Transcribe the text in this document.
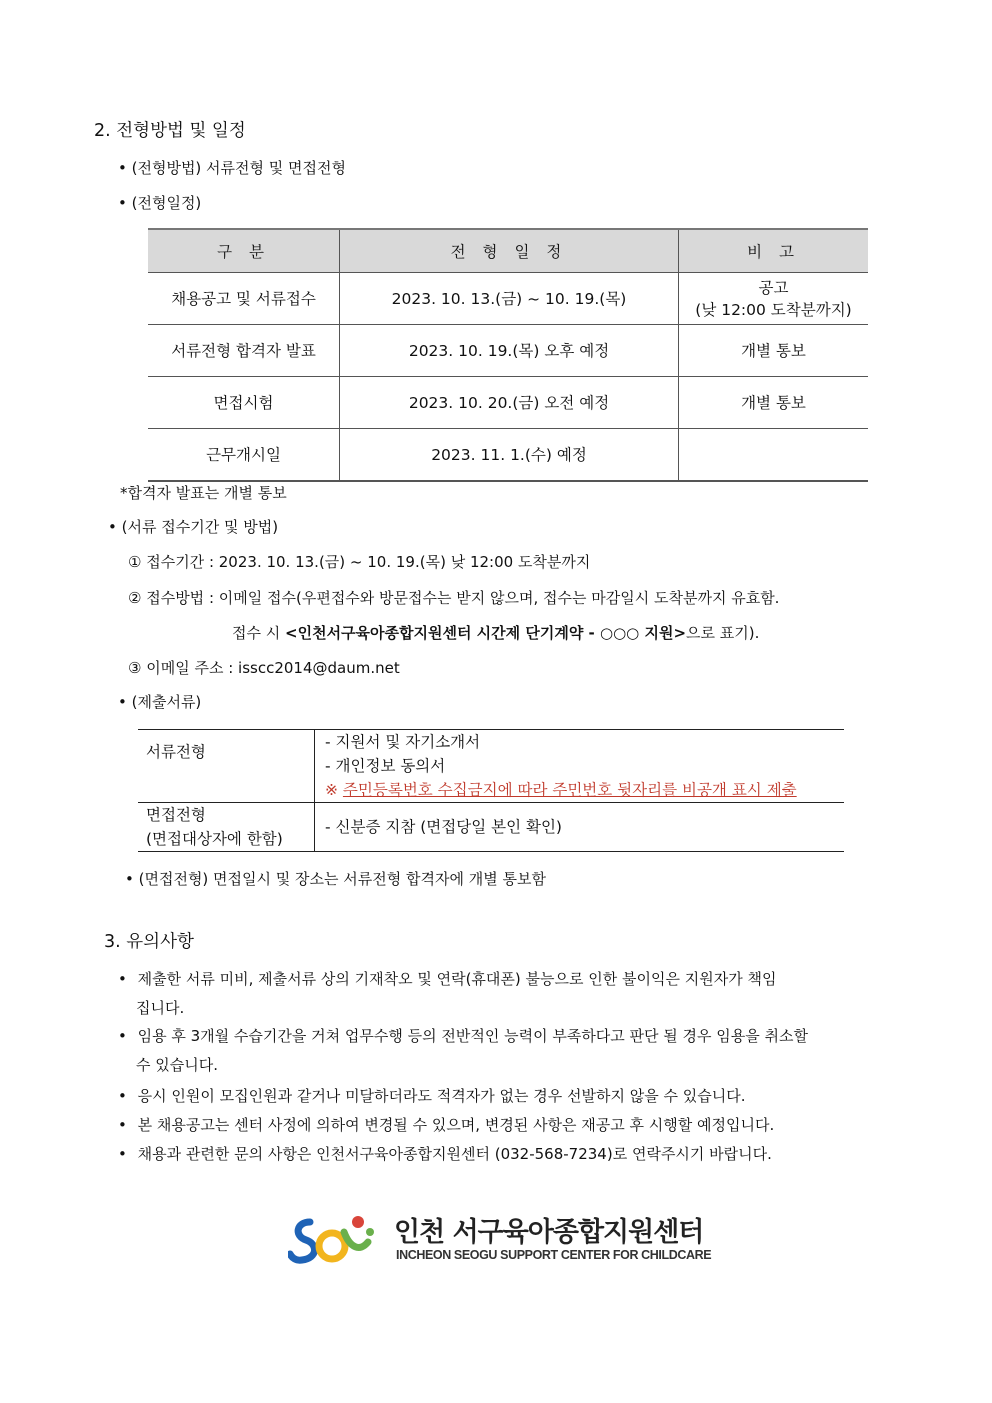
2. 전형방법 및 일정
• (전형방법) 서류전형 및 면접전형
• (전형일정)
구 분	전 형 일 정	비 고
채용공고 및 서류접수	2023. 10. 13.(금) ~ 10. 19.(목)	공고
(낮 12:00 도착분까지)

서류전형 합격자 발표	2023. 10. 19.(목) 오후 예정	개별 통보
면접시험	2023. 10. 20.(금) 오전 예정	개별 통보
근무개시일	2023. 11. 1.(수) 예정	
*합격자 발표는 개별 통보
• (서류 접수기간 및 방법)
① 접수기간 : 2023. 10. 13.(금) ~ 10. 19.(목) 낮 12:00 도착분까지
② 접수방법 : 이메일 접수(우편접수와 방문접수는 받지 않으며, 접수는 마감일시 도착분까지 유효함.
접수 시 <인천서구육아종합지원센터 시간제 단기계약 - ○○○ 지원>으로 표기).
③ 이메일 주소 : isscc2014@daum.net
• (제출서류)
서류전형	- 지원서 및 자기소개서
- 개인정보 동의서
※ 주민등록번호 수집금지에 따라 주민번호 뒷자리를 비공개 표시 제출

면접전형
(면접대상자에 한함)	- 신분증 지참 (면접당일 본인 확인)
• (면접전형) 면접일시 및 장소는 서류전형 합격자에 개별 통보함
3. 유의사항
• 제출한 서류 미비, 제출서류 상의 기재착오 및 연락(휴대폰) 불능으로 인한 불이익은 지원자가 책임
집니다.
• 임용 후 3개월 수습기간을 거쳐 업무수행 등의 전반적인 능력이 부족하다고 판단 될 경우 임용을 취소할
수 있습니다.
• 응시 인원이 모집인원과 같거나 미달하더라도 적격자가 없는 경우 선발하지 않을 수 있습니다.
• 본 채용공고는 센터 사정에 의하여 변경될 수 있으며, 변경된 사항은 재공고 후 시행할 예정입니다.
• 채용과 관련한 문의 사항은 인천서구육아종합지원센터 (032-568-7234)로 연락주시기 바랍니다.
인천 서구육아종합지원센터
INCHEON SEOGU SUPPORT CENTER FOR CHILDCARE
